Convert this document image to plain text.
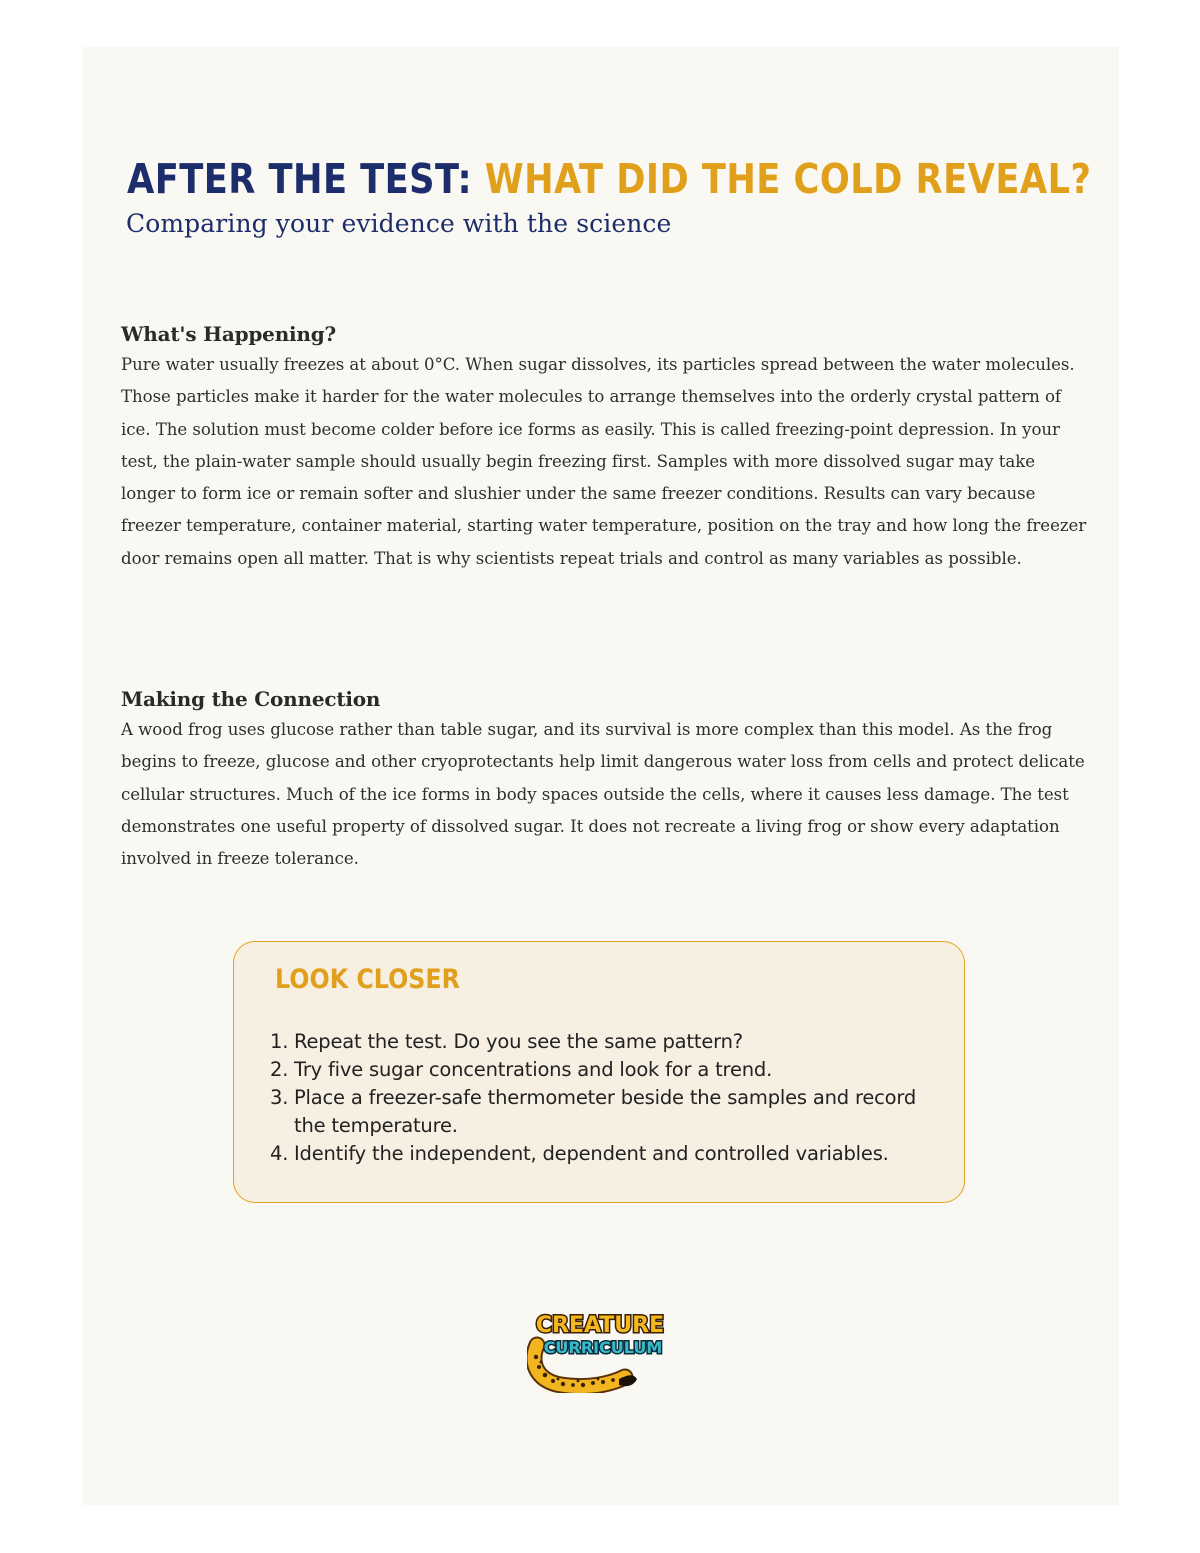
AFTER THE TEST: WHAT DID THE COLD REVEAL?
Comparing your evidence with the science
What's Happening?

Pure water usually freezes at about 0°C. When sugar dissolves, its particles spread between the water molecules. Those particles make it harder for the water molecules to arrange themselves into the orderly crystal pattern of ice. The solution must become colder before ice forms as easily. This is called freezing-point depression. In your test, the plain-water sample should usually begin freezing first. Samples with more dissolved sugar may take longer to form ice or remain softer and slushier under the same freezer conditions. Results can vary because freezer temperature, container material, starting water temperature, position on the tray and how long the freezer door remains open all matter. That is why scientists repeat trials and control as many variables as possible.

Making the Connection

A wood frog uses glucose rather than table sugar, and its survival is more complex than this model. As the frog begins to freeze, glucose and other cryoprotectants help limit dangerous water loss from cells and protect delicate cellular structures. Much of the ice forms in body spaces outside the cells, where it causes less damage. The test demonstrates one useful property of dissolved sugar. It does not recreate a living frog or show every adaptation involved in freeze tolerance.

LOOK CLOSER
1. Repeat the test. Do you see the same pattern?
2. Try five sugar concentrations and look for a trend.
3. Place a freezer-safe thermometer beside the samples and record the temperature.
4. Identify the independent, dependent and controlled variables.
CREATURE
CURRICULUM
